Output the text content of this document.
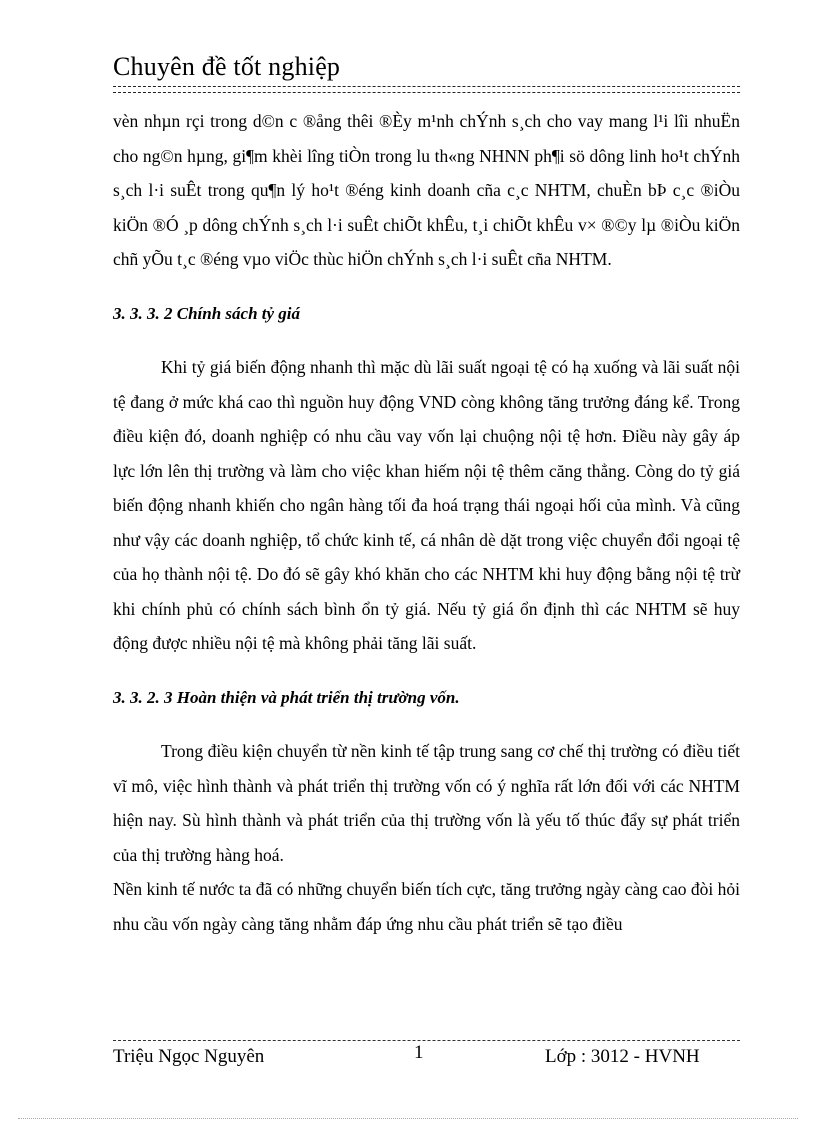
Chuyên đề tốt nghiệp

vèn nhµn rçi trong d©n c ®ång thêi ®Èy m¹nh chÝnh s¸ch cho vay mang l¹i lîi nhuËn cho ng©n hµng, gi¶m khèi lîng tiÒn trong lu th«ng NHNN ph¶i sö dông linh ho¹t chÝnh s¸ch l·i suÊt trong qu¶n lý ho¹t ®éng kinh doanh cña c¸c NHTM, chuÈn bÞ c¸c ®iÒu kiÖn ®Ó ¸p dông chÝnh s¸ch l·i suÊt chiÕt khÊu, t¸i chiÕt khÊu v× ®©y lµ ®iÒu kiÖn chñ yÕu t¸c ®éng vµo viÖc thùc hiÖn chÝnh s¸ch l·i suÊt cña NHTM.

3. 3. 3. 2 Chính sách tỷ giá

Khi tỷ giá biến động nhanh thì mặc dù lãi suất ngoại tệ có hạ xuống và lãi suất nội tệ đang ở mức khá cao thì nguồn huy động VND còng không tăng trưởng đáng kể. Trong điều kiện đó, doanh nghiệp có nhu cầu vay vốn lại chuộng nội tệ hơn. Điều này gây áp lực lớn lên thị trường và làm cho việc khan hiếm nội tệ thêm căng thẳng. Còng do tỷ giá biến động nhanh khiến cho ngân hàng tối đa hoá trạng thái ngoại hối của mình. Và cũng như vậy các doanh nghiệp, tổ chức kinh tế, cá nhân dè dặt trong việc chuyển đổi ngoại tệ của họ thành nội tệ. Do đó sẽ gây khó khăn cho các NHTM khi huy động bằng nội tệ trừ khi chính phủ có chính sách bình ổn tỷ giá. Nếu tỷ giá ổn định thì các NHTM sẽ huy động được nhiều nội tệ mà không phải tăng lãi suất.

3. 3. 2. 3 Hoàn thiện và phát triển thị trường vốn.

Trong điều kiện chuyển từ nền kinh tế tập trung sang cơ chế thị trường có điều tiết vĩ mô, việc hình thành và phát triển thị trường vốn có ý nghĩa rất lớn đối với các NHTM hiện nay. Sù hình thành và phát triển của thị trường vốn là yếu tố thúc đẩy sự phát triển của thị trường hàng hoá.

Nền kinh tế nước ta đã có những chuyển biến tích cực, tăng trưởng ngày càng cao đòi hỏi nhu cầu vốn ngày càng tăng nhằm đáp ứng nhu cầu phát triển sẽ tạo điều

Triệu Ngọc Nguyên	1	Lớp : 3012 - HVNH
